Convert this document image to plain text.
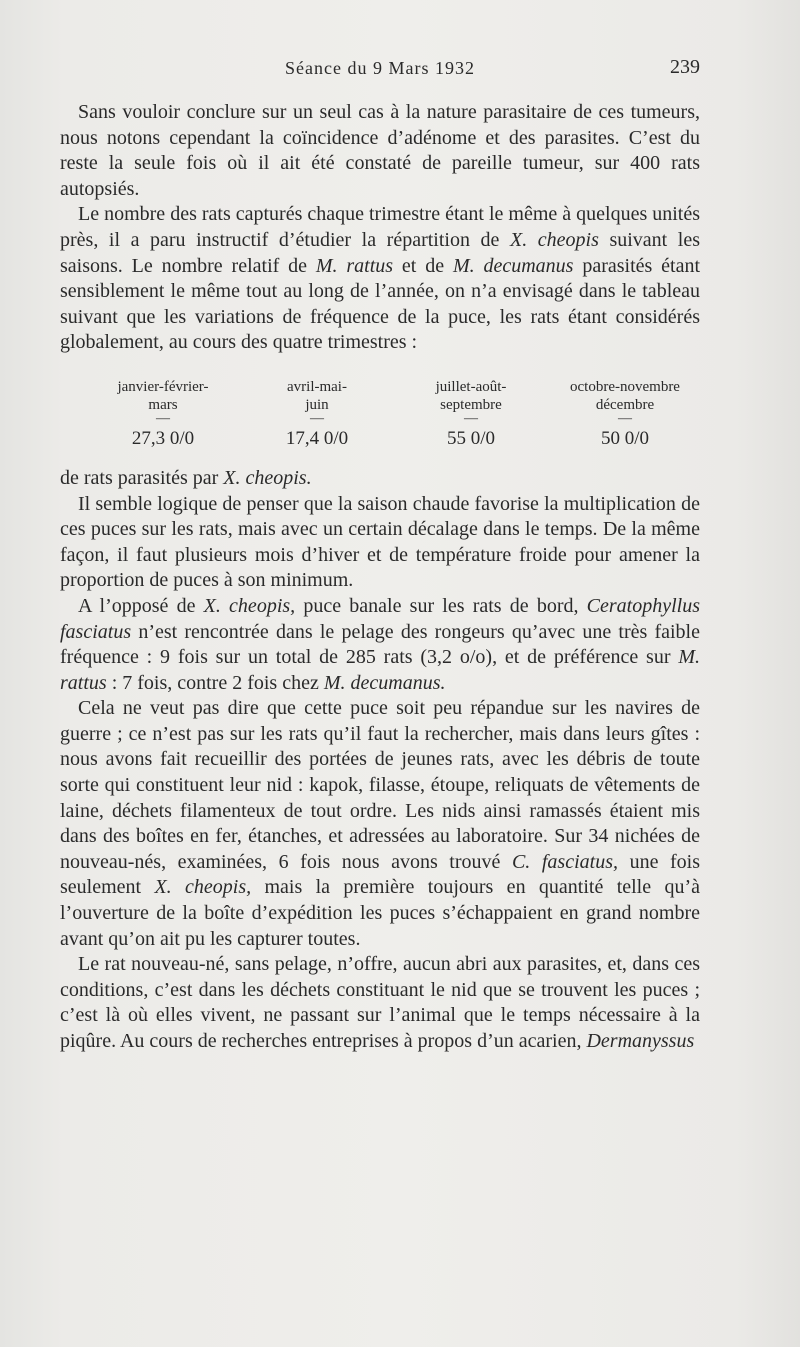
Séance du 9 Mars 1932	239

Sans vouloir conclure sur un seul cas à la nature parasitaire de ces tumeurs, nous notons cependant la coïncidence d’adénome et des parasites. C’est du reste la seule fois où il ait été constaté de pareille tumeur, sur 400 rats autopsiés.

Le nombre des rats capturés chaque trimestre étant le même à quelques unités près, il a paru instructif d’étudier la répartition de X. cheopis suivant les saisons. Le nombre relatif de M. rattus et de M. decumanus parasités étant sensiblement le même tout au long de l’année, on n’a envisagé dans le tableau suivant que les variations de fréquence de la puce, les rats étant considérés globalement, au cours des quatre trimestres :

janvier-février-
mars
—
27,3 0/0
avril-mai-
juin
—
17,4 0/0
juillet-août-
septembre
—
55 0/0
octobre-novembre
décembre
—
50 0/0

de rats parasités par X. cheopis.

Il semble logique de penser que la saison chaude favorise la multiplication de ces puces sur les rats, mais avec un certain décalage dans le temps. De la même façon, il faut plusieurs mois d’hiver et de température froide pour amener la proportion de puces à son minimum.

A l’opposé de X. cheopis, puce banale sur les rats de bord, Ceratophyllus fasciatus n’est rencontrée dans le pelage des rongeurs qu’avec une très faible fréquence : 9 fois sur un total de 285 rats (3,2 o/o), et de préférence sur M. rattus : 7 fois, contre 2 fois chez M. decumanus.

Cela ne veut pas dire que cette puce soit peu répandue sur les navires de guerre ; ce n’est pas sur les rats qu’il faut la rechercher, mais dans leurs gîtes : nous avons fait recueillir des portées de jeunes rats, avec les débris de toute sorte qui constituent leur nid : kapok, filasse, étoupe, reliquats de vêtements de laine, déchets filamenteux de tout ordre. Les nids ainsi ramassés étaient mis dans des boîtes en fer, étanches, et adressées au laboratoire. Sur 34 nichées de nouveau-nés, examinées, 6 fois nous avons trouvé C. fasciatus, une fois seulement X. cheopis, mais la première toujours en quantité telle qu’à l’ouverture de la boîte d’expédition les puces s’échappaient en grand nombre avant qu’on ait pu les capturer toutes.

Le rat nouveau-né, sans pelage, n’offre, aucun abri aux parasites, et, dans ces conditions, c’est dans les déchets constituant le nid que se trouvent les puces ; c’est là où elles vivent, ne passant sur l’animal que le temps nécessaire à la piqûre. Au cours de recherches entreprises à propos d’un acarien, Dermanyssus
